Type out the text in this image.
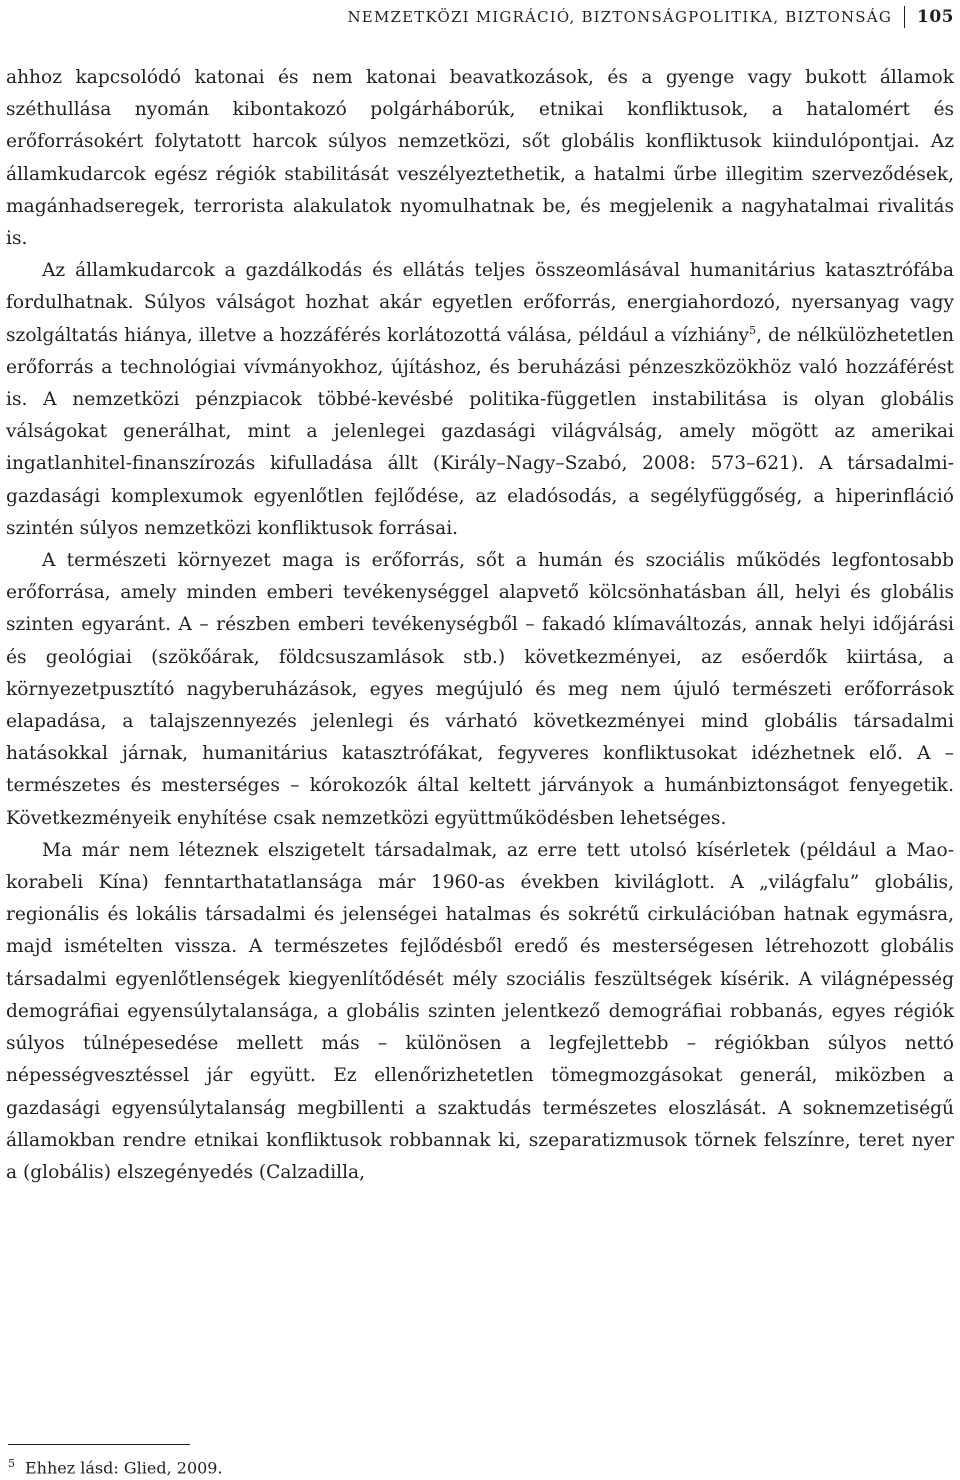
NEMZETKÖZI MIGRÁCIÓ, BIZTONSÁGPOLITIKA, BIZTONSÁG 105

ahhoz kapcsolódó katonai és nem katonai beavatkozások, és a gyenge vagy bukott államok széthullása nyomán kibontakozó polgárháborúk, etnikai konfliktusok, a hatalomért és erőforrásokért folytatott harcok súlyos nemzetközi, sőt globális konfliktusok kiindulópontjai. Az államkudarcok egész régiók stabilitását veszélyeztethetik, a hatalmi űrbe illegitim szerveződések, magánhadseregek, terrorista alakulatok nyomulhatnak be, és megjelenik a nagyhatalmai rivalitás is.

Az államkudarcok a gazdálkodás és ellátás teljes összeomlásával humanitárius katasztrófába fordulhatnak. Súlyos válságot hozhat akár egyetlen erőforrás, energiahordozó, nyersanyag vagy szolgáltatás hiánya, illetve a hozzáférés korlátozottá válása, például a vízhiány$^5$, de nélkülözhetetlen erőforrás a technológiai vívmányokhoz, újításhoz, és beruházási pénzeszközökhöz való hozzáférést is. A nemzetközi pénzpiacok többé-kevésbé politika-független instabilitása is olyan globális válságokat generálhat, mint a jelenlegei gazdasági világválság, amely mögött az amerikai ingatlanhitel-finanszírozás kifulladása állt (Király–Nagy–Szabó, 2008: 573–621). A társadalmi-gazdasági komplexumok egyenlőtlen fejlődése, az eladósodás, a segélyfüggőség, a hiperinfláció szintén súlyos nemzetközi konfliktusok forrásai.

A természeti környezet maga is erőforrás, sőt a humán és szociális működés legfontosabb erőforrása, amely minden emberi tevékenységgel alapvető kölcsönhatásban áll, helyi és globális szinten egyaránt. A – részben emberi tevékenységből – fakadó klímaváltozás, annak helyi időjárási és geológiai (szökőárak, földcsuszamlások stb.) következményei, az esőerdők kiirtása, a környezetpusztító nagyberuházások, egyes megújuló és meg nem újuló természeti erőforrások elapadása, a talajszennyezés jelenlegi és várható következményei mind globális társadalmi hatásokkal járnak, humanitárius katasztrófákat, fegyveres konfliktusokat idézhetnek elő. A – természetes és mesterséges – kórokozók által keltett járványok a humánbiztonságot fenyegetik. Következményeik enyhítése csak nemzetközi együttműködésben lehetséges.

Ma már nem léteznek elszigetelt társadalmak, az erre tett utolsó kísérletek (például a Mao-korabeli Kína) fenntarthatatlansága már 1960-as években kiviláglott. A „világfalu” globális, regionális és lokális társadalmi és jelenségei hatalmas és sokrétű cirkulációban hatnak egymásra, majd ismételten vissza. A természetes fejlődésből eredő és mesterségesen létrehozott globális társadalmi egyenlőtlenségek kiegyenlítődését mély szociális feszültségek kísérik. A világnépesség demográfiai egyensúlytalansága, a globális szinten jelentkező demográfiai robbanás, egyes régiók súlyos túlnépesedése mellett más – különösen a legfejlettebb – régiókban súlyos nettó népességvesztéssel jár együtt. Ez ellenőrizhetetlen tömegmozgásokat generál, miközben a gazdasági egyensúlytalanság megbillenti a szaktudás természetes eloszlását. A soknemzetiségű államokban rendre etnikai konfliktusok robbannak ki, szeparatizmusok törnek felszínre, teret nyer a (globális) elszegényedés (Calzadilla,

$^5$ Ehhez lásd: Glied, 2009.
